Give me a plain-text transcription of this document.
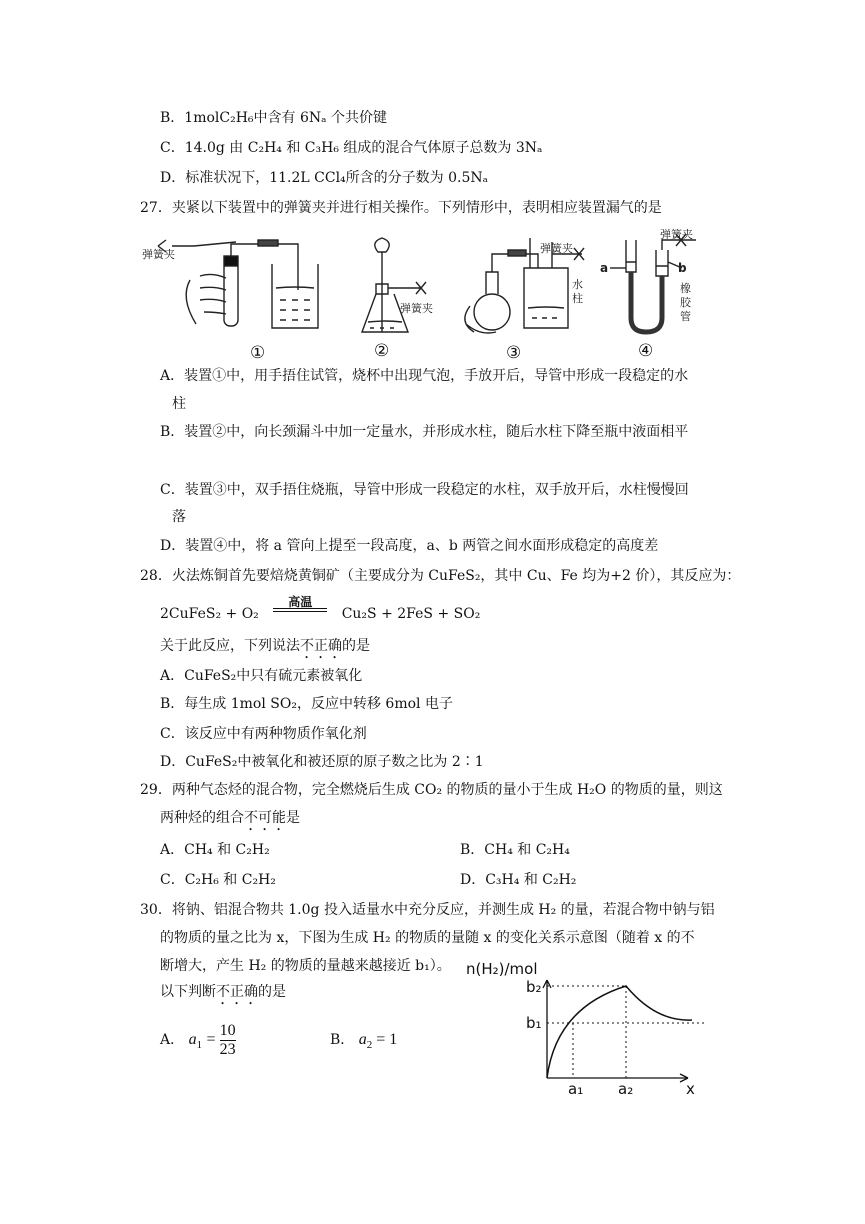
B．1molC₂H₆中含有 6Nₐ 个共价键
C．14.0g 由 C₂H₄ 和 C₃H₆ 组成的混合气体原子总数为 3Nₐ
D．标准状况下，11.2L CCl₄所含的分子数为 0.5Nₐ
27．夹紧以下装置中的弹簧夹并进行相关操作。下列情形中，表明相应装置漏气的是
弹簧夹
弹簧夹
弹簧夹
水
柱
弹簧夹
a	b
橡
胶
管
①	②	③	④
A．装置①中，用手捂住试管，烧杯中出现气泡，手放开后，导管中形成一段稳定的水
柱
B．装置②中，向长颈漏斗中加一定量水，并形成水柱，随后水柱下降至瓶中液面相平
C．装置③中，双手捂住烧瓶，导管中形成一段稳定的水柱，双手放开后，水柱慢慢回
落
D．装置④中，将 a 管向上提至一段高度，a、b 两管之间水面形成稳定的高度差
28．火法炼铜首先要焙烧黄铜矿（主要成分为 CuFeS₂，其中 Cu、Fe 均为+2 价），其反应为：
2CuFeS₂ + O₂
高温
Cu₂S + 2FeS + SO₂
关于此反应，下列说法不正确的是
A．CuFeS₂中只有硫元素被氧化
B．每生成 1mol SO₂，反应中转移 6mol 电子
C．该反应中有两种物质作氧化剂
D．CuFeS₂中被氧化和被还原的原子数之比为 2∶1
29．两种气态烃的混合物，完全燃烧后生成 CO₂ 的物质的量小于生成 H₂O 的物质的量，则这
两种烃的组合不可能是
A．CH₄ 和 C₂H₂	B．CH₄ 和 C₂H₄
C．C₂H₆ 和 C₂H₂	D．C₃H₄ 和 C₂H₂
30．将钠、铝混合物共 1.0g 投入适量水中充分反应，并测生成 H₂ 的量，若混合物中钠与铝
的物质的量之比为 x，下图为生成 H₂ 的物质的量随 x 的变化关系示意图（随着 x 的不
断增大，产生 H₂ 的物质的量越来越接近 b₁）。
以下判断不正确的是
A． $a_1 = \frac{10}{23}$	B． $a_2 = 1$
n(H₂)/mol
b₂
b₁
a₁ a₂	x
